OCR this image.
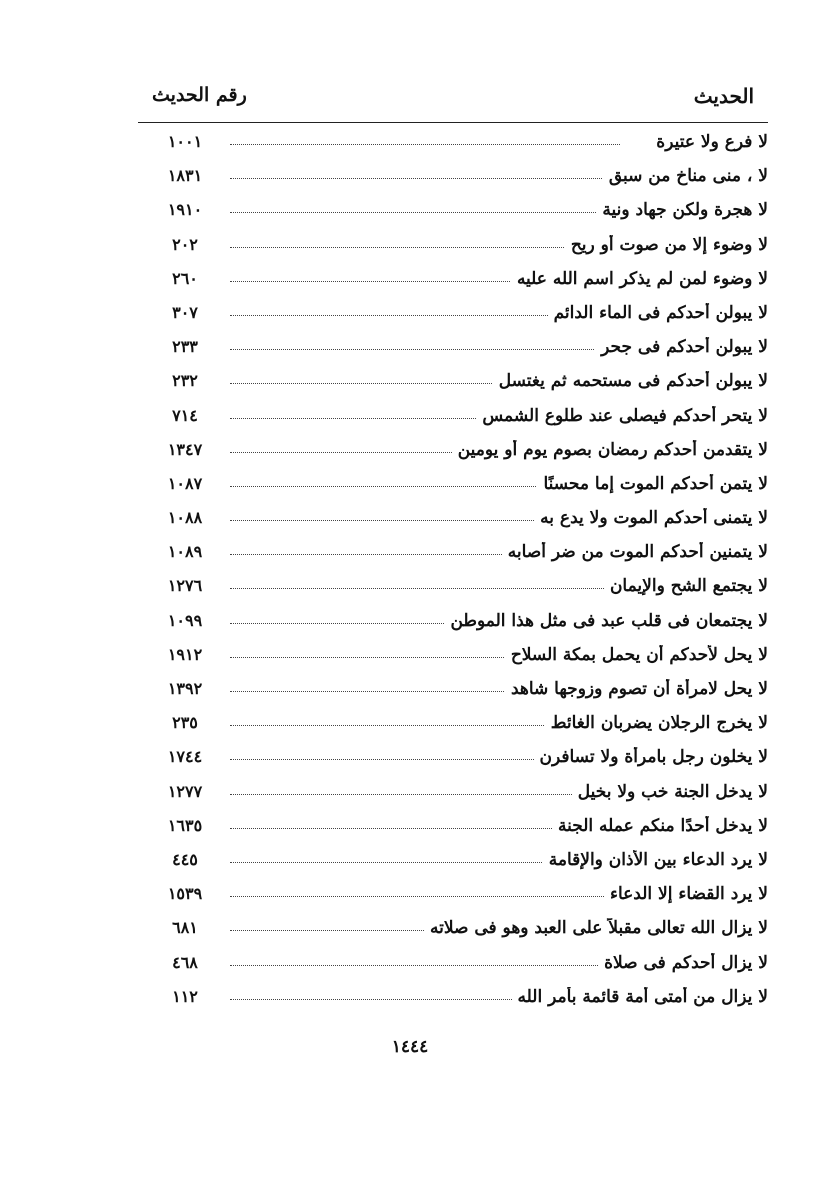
الحديث
رقم الحديث
لا فرع ولا عتيرة
١٠٠١
لا ، منى مناخ من سبق
١٨٣١
لا هجرة ولكن جهاد ونية
١٩١٠
لا وضوء إلا من صوت أو ريح
٢٠٢
لا وضوء لمن لم يذكر اسم الله عليه
٢٦٠
لا يبولن أحدكم فى الماء الدائم
٣٠٧
لا يبولن أحدكم فى جحر
٢٣٣
لا يبولن أحدكم فى مستحمه ثم يغتسل
٢٣٢
لا يتحر أحدكم فيصلى عند طلوع الشمس
٧١٤
لا يتقدمن أحدكم رمضان بصوم يوم أو يومين
١٣٤٧
لا يتمن أحدكم الموت إما محسنًا
١٠٨٧
لا يتمنى أحدكم الموت ولا يدع به
١٠٨٨
لا يتمنين أحدكم الموت من ضر أصابه
١٠٨٩
لا يجتمع الشح والإيمان
١٢٧٦
لا يجتمعان فى قلب عبد فى مثل هذا الموطن
١٠٩٩
لا يحل لأحدكم أن يحمل بمكة السلاح
١٩١٢
لا يحل لامرأة أن تصوم وزوجها شاهد
١٣٩٢
لا يخرج الرجلان يضربان الغائط
٢٣٥
لا يخلون رجل بامرأة ولا تسافرن
١٧٤٤
لا يدخل الجنة خب ولا بخيل
١٢٧٧
لا يدخل أحدًا منكم عمله الجنة
١٦٣٥
لا يرد الدعاء بين الأذان والإقامة
٤٤٥
لا يرد القضاء إلا الدعاء
١٥٣٩
لا يزال الله تعالى مقبلاً على العبد وهو فى صلاته
٦٨١
لا يزال أحدكم فى صلاة
٤٦٨
لا يزال من أمتى أمة قائمة بأمر الله
١١٢
١٤٤٤
